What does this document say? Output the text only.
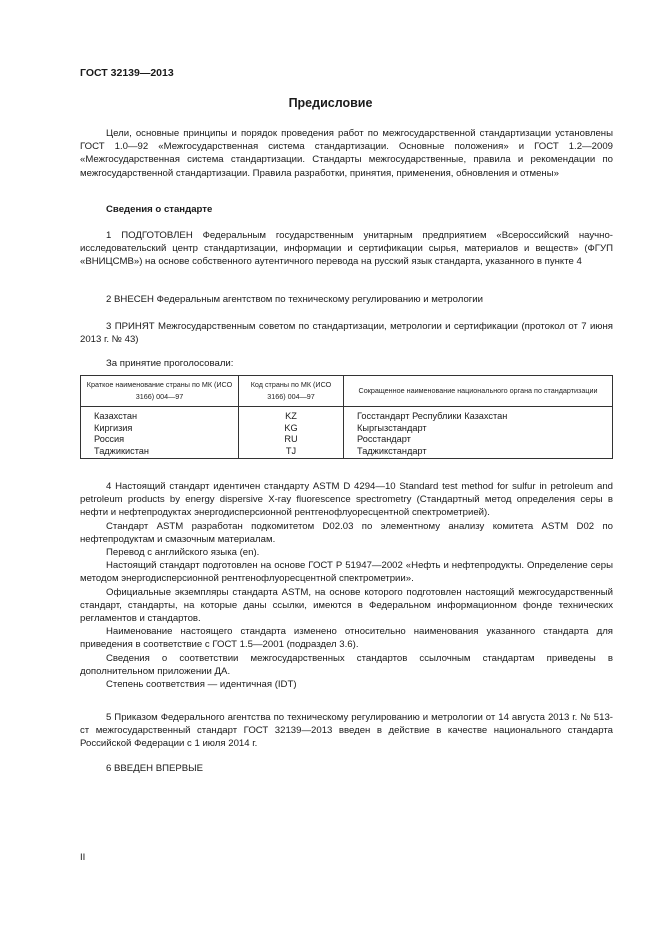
ГОСТ 32139—2013
Предисловие

Цели, основные принципы и порядок проведения работ по межгосударственной стандартизации установлены ГОСТ 1.0—92 «Межгосударственная система стандартизации. Основные положения» и ГОСТ 1.2—2009 «Межгосударственная система стандартизации. Стандарты межгосударственные, правила и рекомендации по межгосударственной стандартизации. Правила разработки, принятия, применения, обновления и отмены»

Сведения о стандарте

1 ПОДГОТОВЛЕН Федеральным государственным унитарным предприятием «Всероссийский научно-исследовательский центр стандартизации, информации и сертификации сырья, материалов и веществ» (ФГУП «ВНИЦСМВ») на основе собственного аутентичного перевода на русский язык стандарта, указанного в пункте 4

2 ВНЕСЕН Федеральным агентством по техническому регулированию и метрологии

3 ПРИНЯТ Межгосударственным советом по стандартизации, метрологии и сертификации (протокол от 7 июня 2013 г. № 43)

За принятие проголосовали:

Краткое наименование страны по МК (ИСО 3166) 004—97	Код страны по МК (ИСО 3166) 004—97	Сокращенное наименование национального органа по стандартизации
Казахстан	KZ	Госстандарт Республики Казахстан
Киргизия	KG	Кыргызстандарт
Россия	RU	Росстандарт
Таджикистан	TJ	Таджикстандарт

4 Настоящий стандарт идентичен стандарту ASTM D 4294—10 Standard test method for sulfur in petroleum and petroleum products by energy dispersive X-ray fluorescence spectrometry (Стандартный метод определения серы в нефти и нефтепродуктах энергодисперсионной рентгенофлуоресцентной спектрометрией).

Стандарт ASTM разработан подкомитетом D02.03 по элементному анализу комитета ASTM D02 по нефтепродуктам и смазочным материалам.

Перевод с английского языка (en).

Настоящий стандарт подготовлен на основе ГОСТ Р 51947—2002 «Нефть и нефтепродукты. Определение серы методом энергодисперсионной рентгенофлуоресцентной спектрометрии».

Официальные экземпляры стандарта ASTM, на основе которого подготовлен настоящий межгосударственный стандарт, стандарты, на которые даны ссылки, имеются в Федеральном информационном фонде технических регламентов и стандартов.

Наименование настоящего стандарта изменено относительно наименования указанного стандарта для приведения в соответствие с ГОСТ 1.5—2001 (подраздел 3.6).

Сведения о соответствии межгосударственных стандартов ссылочным стандартам приведены в дополнительном приложении ДА.

Степень соответствия — идентичная (IDT)

5 Приказом Федерального агентства по техническому регулированию и метрологии от 14 августа 2013 г. № 513-ст межгосударственный стандарт ГОСТ 32139—2013 введен в действие в качестве национального стандарта Российской Федерации с 1 июля 2014 г.

6 ВВЕДЕН ВПЕРВЫЕ

II
